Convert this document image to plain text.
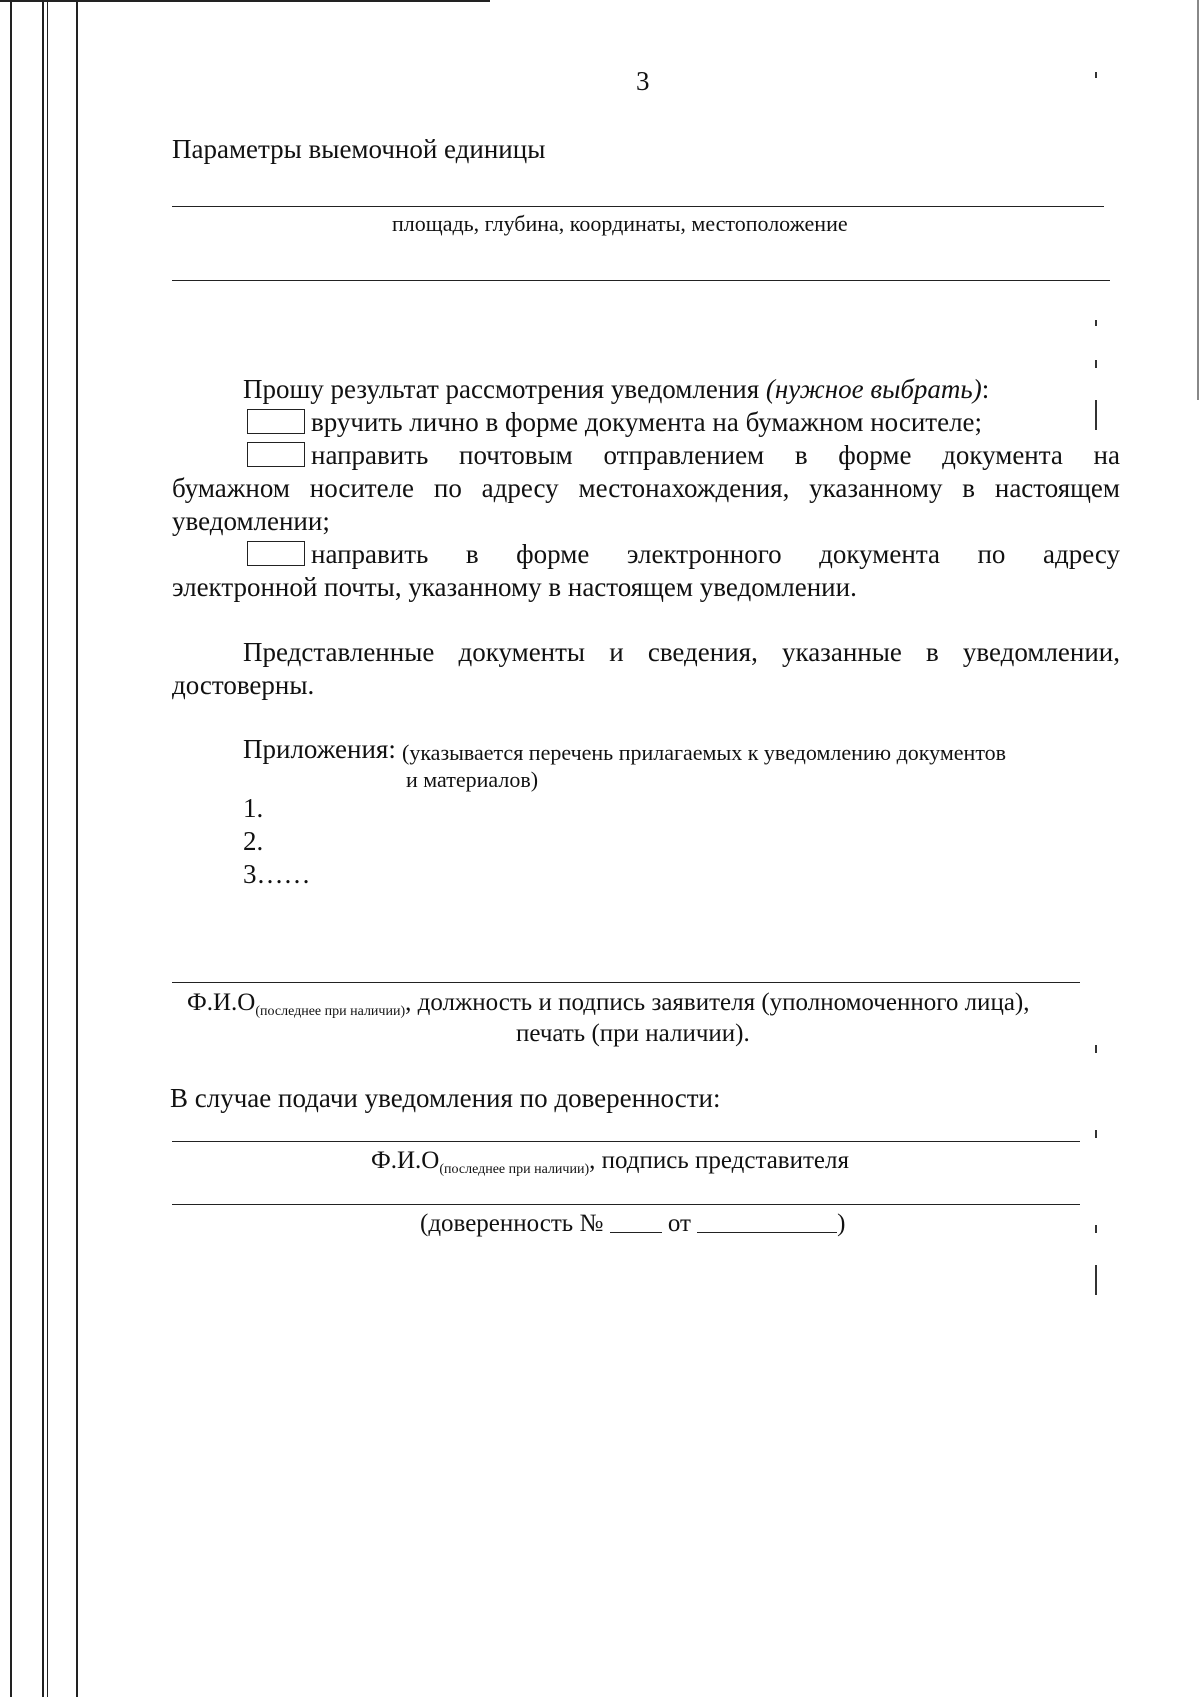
3
Параметры выемочной единицы
площадь, глубина, координаты, местоположение
Прошу результат рассмотрения уведомления (нужное выбрать):
вручить лично в форме документа на бумажном носителе;
направить почтовым отправлением в форме документа на
бумажном носителе по адресу местонахождения, указанному в настоящем
уведомлении;
направить в форме электронного документа по адресу
электронной почты, указанному в настоящем уведомлении.
Представленные документы и сведения, указанные в уведомлении,
достоверны.
Приложения: (указывается перечень прилагаемых к уведомлению документов
и материалов)
1.
2.
3……
$Ф.И.О_{(последнее при наличии)}$, должность и подпись заявителя (уполномоченного лица),
печать (при наличии).
В случае подачи уведомления по доверенности:
$Ф.И.О_{(последнее при наличии)}$, подпись представителя
(доверенность №	от	)
